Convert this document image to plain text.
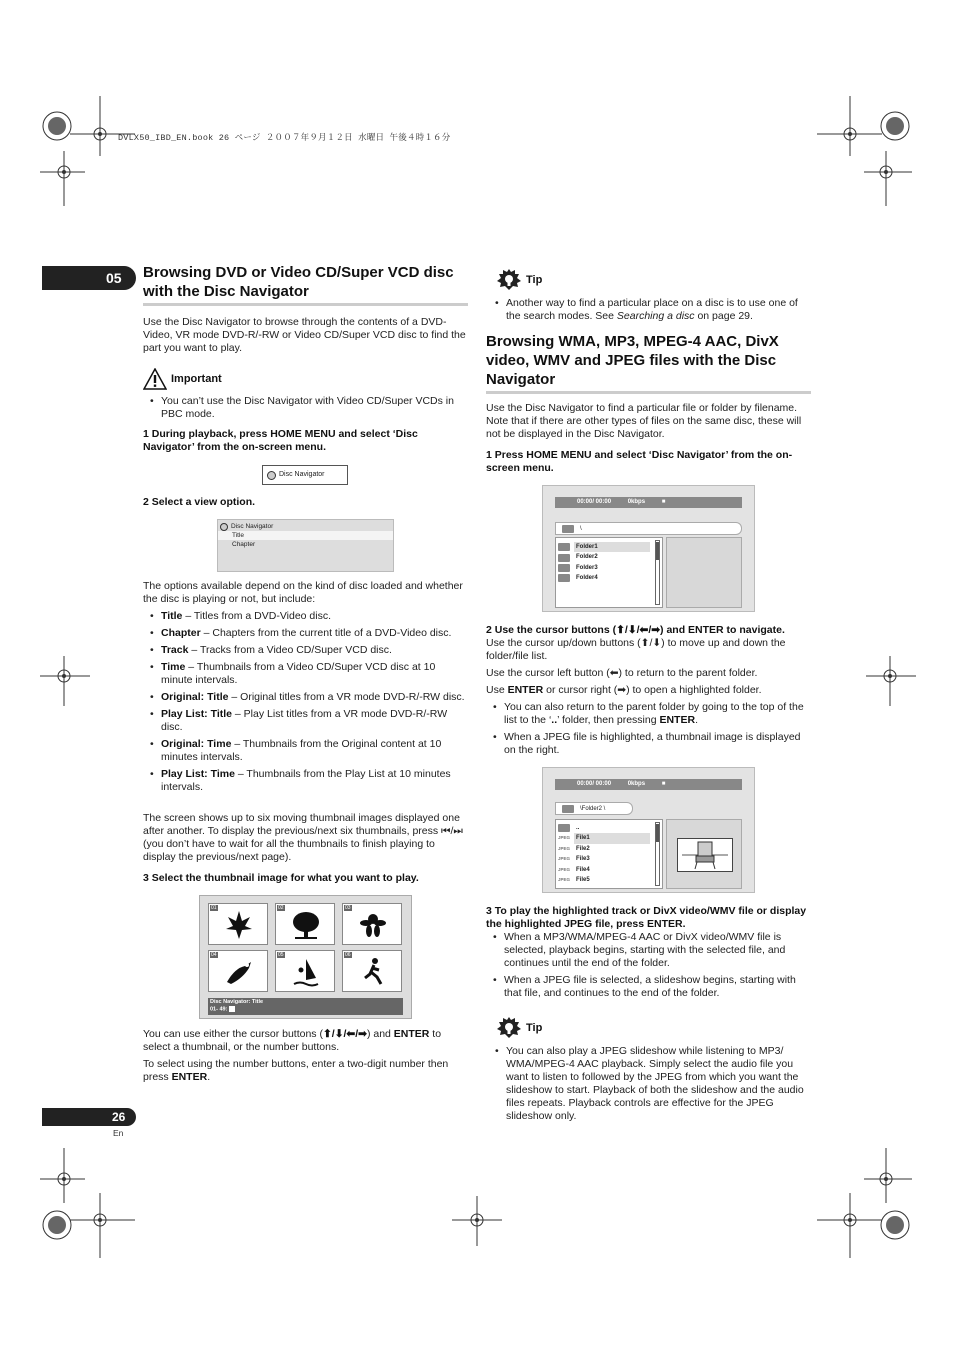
DVLX50_IBD_EN.book 26 ページ ２００７年９月１２日 水曜日 午後４時１６分
05
26
En
Browsing DVD or Video CD/Super VCD disc with the Disc Navigator

Use the Disc Navigator to browse through the contents of a DVD-Video, VR mode DVD-R/-RW or Video CD/Super VCD disc to find the part you want to play.

Important
• You can’t use the Disc Navigator with Video CD/Super VCDs in PBC mode.
1 During playback, press HOME MENU and select ‘Disc Navigator’ from the on-screen menu.
Disc Navigator
2 Select a view option.
Disc Navigator
Title
Chapter

The options available depend on the kind of disc loaded and whether the disc is playing or not, but include:

• Title – Titles from a DVD-Video disc.
• Chapter – Chapters from the current title of a DVD-Video disc.
• Track – Tracks from a Video CD/Super VCD disc.
• Time – Thumbnails from a Video CD/Super VCD disc at 10 minute intervals.
• Original: Title – Original titles from a VR mode DVD-R/-RW disc.
• Play List: Title – Play List titles from a VR mode DVD-R/-RW disc.
• Original: Time – Thumbnails from the Original content at 10 minutes intervals.
• Play List: Time – Thumbnails from the Play List at 10 minutes intervals.

The screen shows up to six moving thumbnail images displayed one after another. To display the previous/next six thumbnails, press ⏮/⏭ (you don’t have to wait for all the thumbnails to finish playing to display the previous/next page).

3 Select the thumbnail image for what you want to play.
01	02	03
04	05	06
Disc Navigator: Title
01- 49:

You can use either the cursor buttons (⬆/⬇/⬅/➡) and ENTER to select a thumbnail, or the number buttons.

To select using the number buttons, enter a two-digit number then press ENTER.

Tip
• Another way to find a particular place on a disc is to use one of the search modes. See Searching a disc on page 29.
Browsing WMA, MP3, MPEG-4 AAC, DivX video, WMV and JPEG files with the Disc Navigator

Use the Disc Navigator to find a particular file or folder by filename. Note that if there are other types of files on the same disc, these will not be displayed in the Disc Navigator.

1 Press HOME MENU and select ‘Disc Navigator’ from the on-screen menu.
00:00/ 00:00          0kbps	■
\
Folder1
Folder2
Folder3
Folder4
2 Use the cursor buttons (⬆/⬇/⬅/➡) and ENTER to navigate.

Use the cursor up/down buttons (⬆/⬇) to move up and down the folder/file list.

Use the cursor left button (⬅) to return to the parent folder.

Use ENTER or cursor right (➡) to open a highlighted folder.

• You can also return to the parent folder by going to the top of the list to the ‘..’ folder, then pressing ENTER.
• When a JPEG file is highlighted, a thumbnail image is displayed on the right.
00:00/ 00:00          0kbps	■
\Folder2 \
..
JPEG File1
JPEG File2
JPEG File3
JPEG File4
JPEG File5
3 To play the highlighted track or DivX video/WMV file or display the highlighted JPEG file, press ENTER.
• When a MP3/WMA/MPEG-4 AAC or DivX video/WMV file is selected, playback begins, starting with the selected file, and continues until the end of the folder.
• When a JPEG file is selected, a slideshow begins, starting with that file, and continues to the end of the folder.
Tip
• You can also play a JPEG slideshow while listening to MP3/ WMA/MPEG-4 AAC playback. Simply select the audio file you want to listen to followed by the JPEG from which you want the slideshow to start. Playback of both the slideshow and the audio files repeats. Playback controls are effective for the JPEG slideshow only.
